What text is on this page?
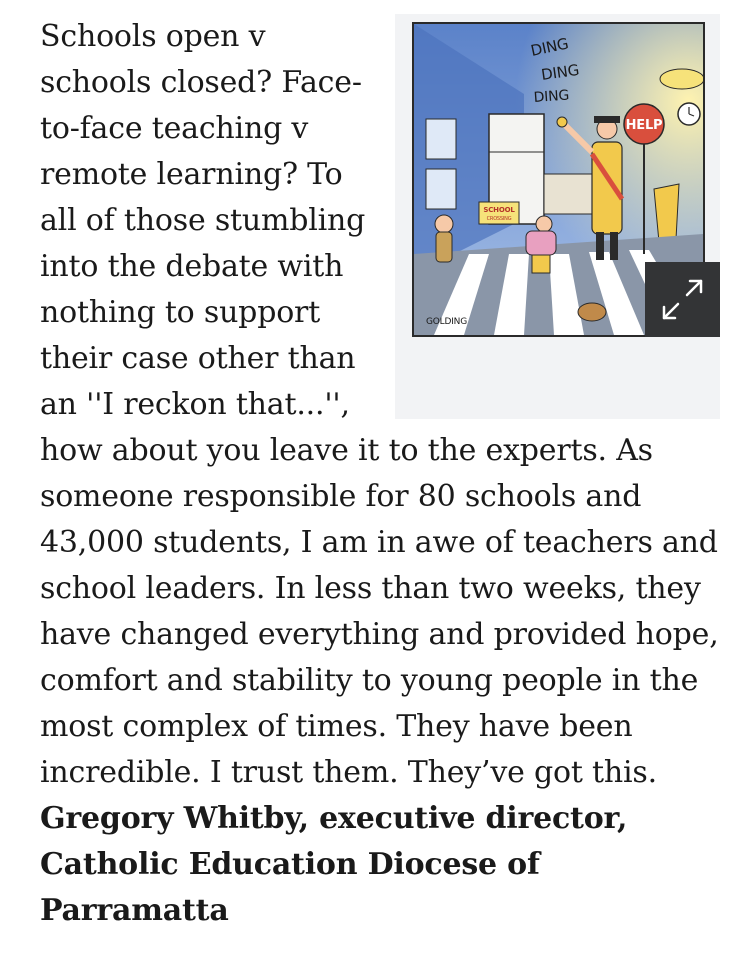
HELP
SCHOOL
CROSSING
DING
DING
DING
GOLDING

Schools open v schools closed? Face-to-face teaching v remote learning? To all of those stumbling into the debate with nothing to support their case other than an ''I reckon that...'', how about you leave it to the experts. As someone responsible for 80 schools and 43,000 students, I am in awe of teachers and school leaders. In less than two weeks, they have changed everything and provided hope, comfort and stability to young people in the most complex of times. They have been incredible. I trust them. They’ve got this. Gregory Whitby, executive director, Catholic Education Diocese of Parramatta
